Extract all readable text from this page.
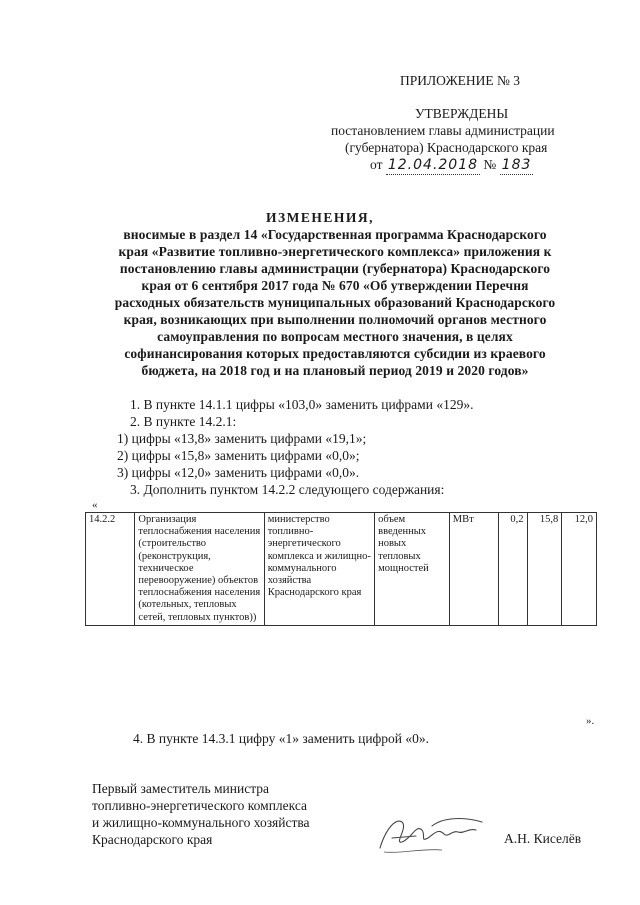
ПРИЛОЖЕНИЕ № 3
УТВЕРЖДЕНЫ
постановлением главы администрации
(губернатора) Краснодарского края
от 12.04.2018 № 183
ИЗМЕНЕНИЯ,
вносимые в раздел 14 «Государственная программа Краснодарского
края «Развитие топливно-энергетического комплекса» приложения к
постановлению главы администрации (губернатора) Краснодарского
края от 6 сентября 2017 года № 670 «Об утверждении Перечня
расходных обязательств муниципальных образований Краснодарского
края, возникающих при выполнении полномочий органов местного
самоуправления по вопросам местного значения, в целях
софинансирования которых предоставляются субсидии из краевого
бюджета, на 2018 год и на плановый период 2019 и 2020 годов»
1. В пункте 14.1.1 цифры «103,0» заменить цифрами «129».
2. В пункте 14.2.1:
1) цифры «13,8» заменить цифрами «19,1»;
2) цифры «15,8» заменить цифрами «0,0»;
3) цифры «12,0» заменить цифрами «0,0».
3. Дополнить пунктом 14.2.2 следующего содержания:
«
14.2.2	Организация теплоснабжения населения (строительство (реконструкция, техническое перевооружение) объектов теплоснабжения населения (котельных, тепловых сетей, тепловых пунктов))	министерство топливно-энергетического комплекса и жилищно-коммунального хозяйства Краснодарского края	объем введенных новых тепловых мощностей	МВт	0,2	15,8	12,0
».
4. В пункте 14.3.1 цифру «1» заменить цифрой «0».
Первый заместитель министра
топливно-энергетического комплекса
и жилищно-коммунального хозяйства
Краснодарского края	А.Н. Киселёв
